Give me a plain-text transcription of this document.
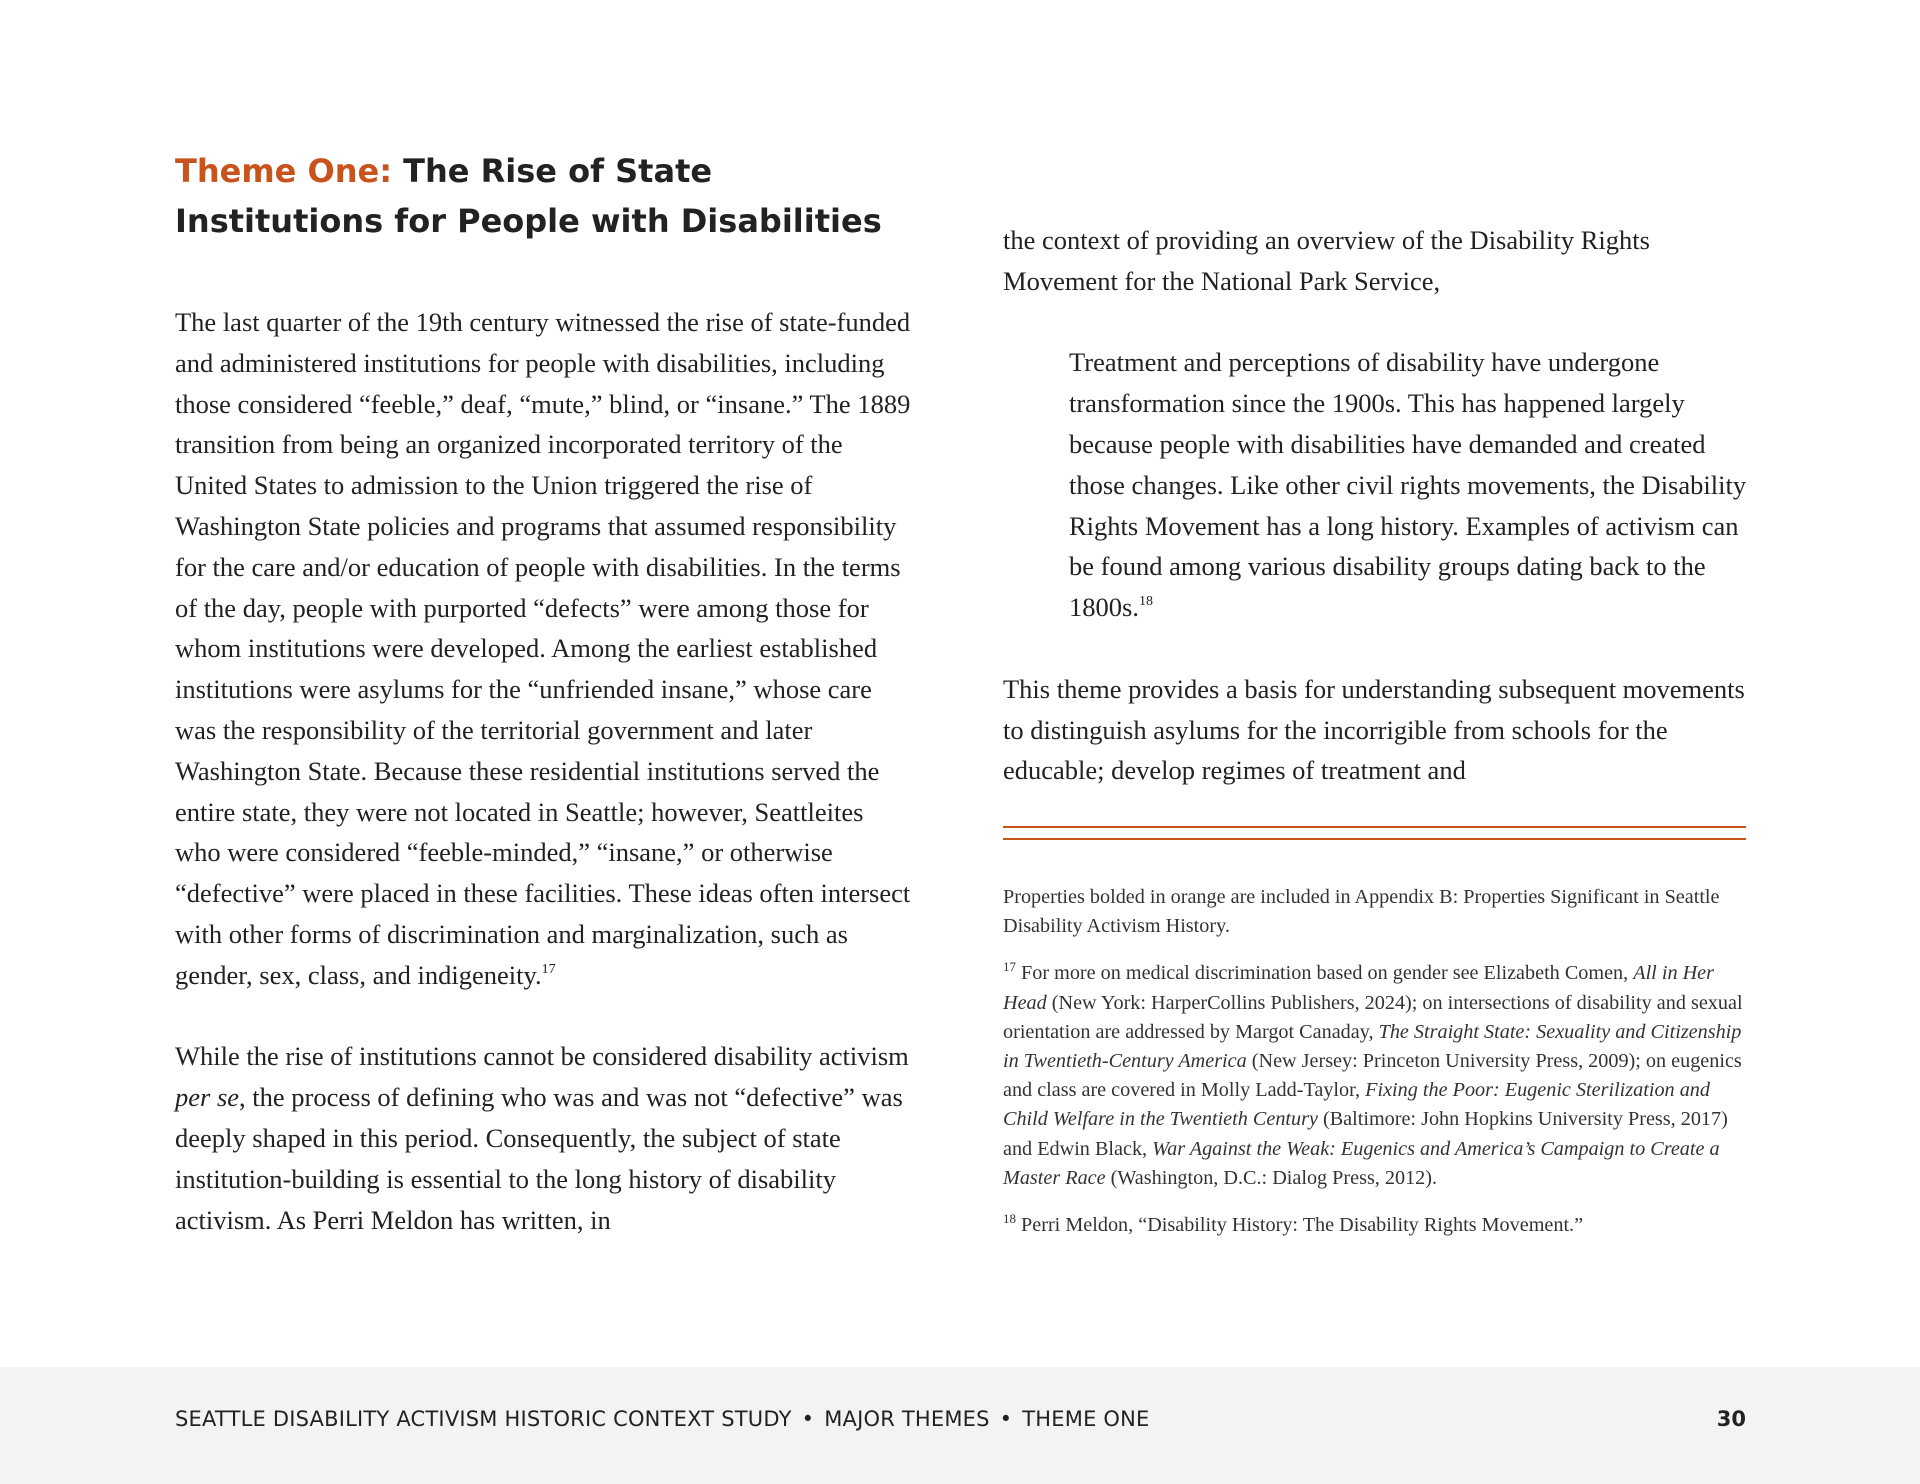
Theme One: The Rise of State Institutions for People with Disabilities

The last quarter of the 19th century witnessed the rise of state-funded and administered institutions for people with disabilities, including those considered “feeble,” deaf, “mute,” blind, or “insane.” The 1889 transition from being an organized incorporated territory of the United States to admission to the Union triggered the rise of Washington State policies and programs that assumed responsibility for the care and/or education of people with disabilities. In the terms of the day, people with purported “defects” were among those for whom institutions were developed. Among the earliest established institutions were asylums for the “unfriended insane,” whose care was the responsibility of the territorial government and later Washington State. Because these residential institutions served the entire state, they were not located in Seattle; however, Seattleites who were considered “feeble-minded,” “insane,” or otherwise “defective” were placed in these facilities. These ideas often intersect with other forms of discrimination and marginalization, such as gender, sex, class, and indigeneity.$^{17}$

While the rise of institutions cannot be considered disability activism per se, the process of defining who was and was not “defective” was deeply shaped in this period. Consequently, the subject of state institution-building is essential to the long history of disability activism. As Perri Meldon has written, in

the context of providing an overview of the Disability Rights Movement for the National Park Service,

Treatment and perceptions of disability have undergone transformation since the 1900s. This has happened largely because people with disabilities have demanded and created those changes. Like other civil rights movements, the Disability Rights Movement has a long history. Examples of activism can be found among various disability groups dating back to the 1800s.$^{18}$

This theme provides a basis for understanding subsequent movements to distinguish asylums for the incorrigible from schools for the educable; develop regimes of treatment and

Properties bolded in orange are included in Appendix B: Properties Significant in Seattle Disability Activism History.

$^{17}$ For more on medical discrimination based on gender see Elizabeth Comen, All in Her Head (New York: HarperCollins Publishers, 2024); on intersections of disability and sexual orientation are addressed by Margot Canaday, The Straight State: Sexuality and Citizenship in Twentieth-Century America (New Jersey: Princeton University Press, 2009); on eugenics and class are covered in Molly Ladd-Taylor, Fixing the Poor: Eugenic Sterilization and Child Welfare in the Twentieth Century (Baltimore: John Hopkins University Press, 2017) and Edwin Black, War Against the Weak: Eugenics and America’s Campaign to Create a Master Race (Washington, D.C.: Dialog Press, 2012).

$^{18}$ Perri Meldon, “Disability History: The Disability Rights Movement.”

SEATTLE DISABILITY ACTIVISM HISTORIC CONTEXT STUDY • MAJOR THEMES • THEME ONE	30
